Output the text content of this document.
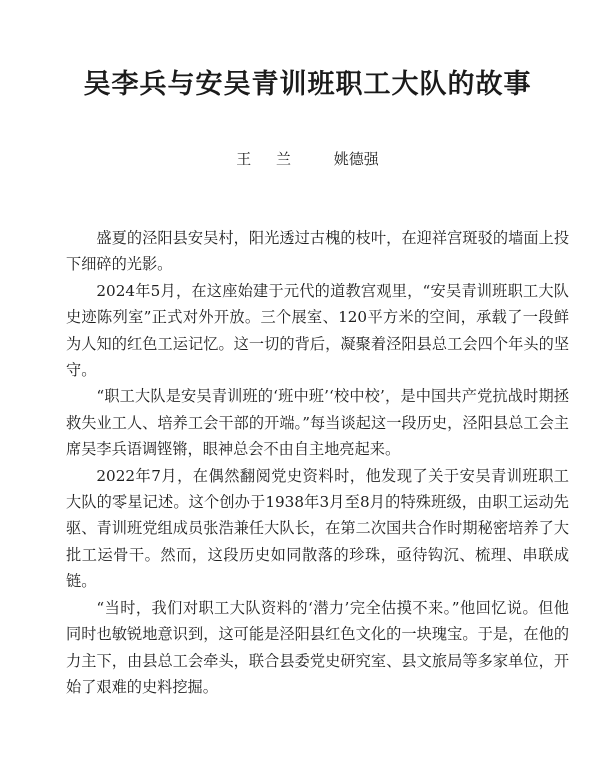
吴李兵与安吴青训班职工大队的故事
王 兰 姚德强

盛夏的泾阳县安吴村，阳光透过古槐的枝叶，在迎祥宫斑驳的墙面上投下细碎的光影。

2024年5月，在这座始建于元代的道教宫观里，“安吴青训班职工大队史迹陈列室”正式对外开放。三个展室、120平方米的空间，承载了一段鲜为人知的红色工运记忆。这一切的背后，凝聚着泾阳县总工会四个年头的坚守。

“职工大队是安吴青训班的‘班中班’‘校中校’，是中国共产党抗战时期拯救失业工人、培养工会干部的开端。”每当谈起这一段历史，泾阳县总工会主席吴李兵语调铿锵，眼神总会不由自主地亮起来。

2022年7月，在偶然翻阅党史资料时，他发现了关于安吴青训班职工大队的零星记述。这个创办于1938年3月至8月的特殊班级，由职工运动先驱、青训班党组成员张浩兼任大队长，在第二次国共合作时期秘密培养了大批工运骨干。然而，这段历史如同散落的珍珠，亟待钩沉、梳理、串联成链。

“当时，我们对职工大队资料的‘潜力’完全估摸不来。”他回忆说。但他同时也敏锐地意识到，这可能是泾阳县红色文化的一块瑰宝。于是，在他的力主下，由县总工会牵头，联合县委党史研究室、县文旅局等多家单位，开始了艰难的史料挖掘。
